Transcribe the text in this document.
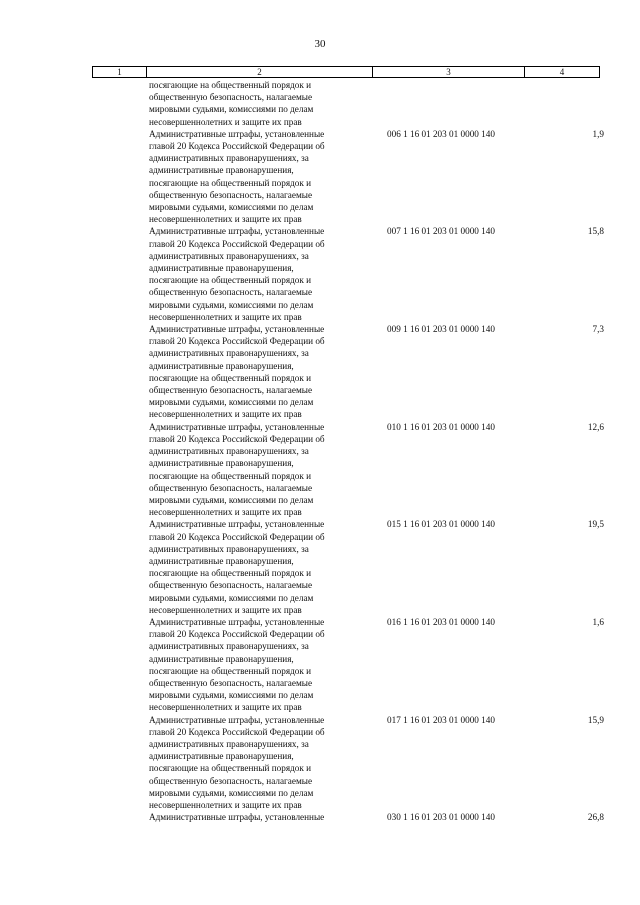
30
1	2	3	4
посягающие на общественный порядок и
общественную безопасность, налагаемые
мировыми судьями, комиссиями по делам
несовершеннолетних и защите их прав
Административные штрафы, установленные
главой 20 Кодекса Российской Федерации об
административных правонарушениях, за
административные правонарушения,
посягающие на общественный порядок и
общественную безопасность, налагаемые
мировыми судьями, комиссиями по делам
несовершеннолетних и защите их прав
006 1 16 01 203 01 0000 140	1,9
Административные штрафы, установленные
главой 20 Кодекса Российской Федерации об
административных правонарушениях, за
административные правонарушения,
посягающие на общественный порядок и
общественную безопасность, налагаемые
мировыми судьями, комиссиями по делам
несовершеннолетних и защите их прав
007 1 16 01 203 01 0000 140	15,8
Административные штрафы, установленные
главой 20 Кодекса Российской Федерации об
административных правонарушениях, за
административные правонарушения,
посягающие на общественный порядок и
общественную безопасность, налагаемые
мировыми судьями, комиссиями по делам
несовершеннолетних и защите их прав
009 1 16 01 203 01 0000 140	7,3
Административные штрафы, установленные
главой 20 Кодекса Российской Федерации об
административных правонарушениях, за
административные правонарушения,
посягающие на общественный порядок и
общественную безопасность, налагаемые
мировыми судьями, комиссиями по делам
несовершеннолетних и защите их прав
010 1 16 01 203 01 0000 140	12,6
Административные штрафы, установленные
главой 20 Кодекса Российской Федерации об
административных правонарушениях, за
административные правонарушения,
посягающие на общественный порядок и
общественную безопасность, налагаемые
мировыми судьями, комиссиями по делам
несовершеннолетних и защите их прав
015 1 16 01 203 01 0000 140	19,5
Административные штрафы, установленные
главой 20 Кодекса Российской Федерации об
административных правонарушениях, за
административные правонарушения,
посягающие на общественный порядок и
общественную безопасность, налагаемые
мировыми судьями, комиссиями по делам
несовершеннолетних и защите их прав
016 1 16 01 203 01 0000 140	1,6
Административные штрафы, установленные
главой 20 Кодекса Российской Федерации об
административных правонарушениях, за
административные правонарушения,
посягающие на общественный порядок и
общественную безопасность, налагаемые
мировыми судьями, комиссиями по делам
несовершеннолетних и защите их прав
017 1 16 01 203 01 0000 140	15,9
Административные штрафы, установленные	030 1 16 01 203 01 0000 140	26,8
